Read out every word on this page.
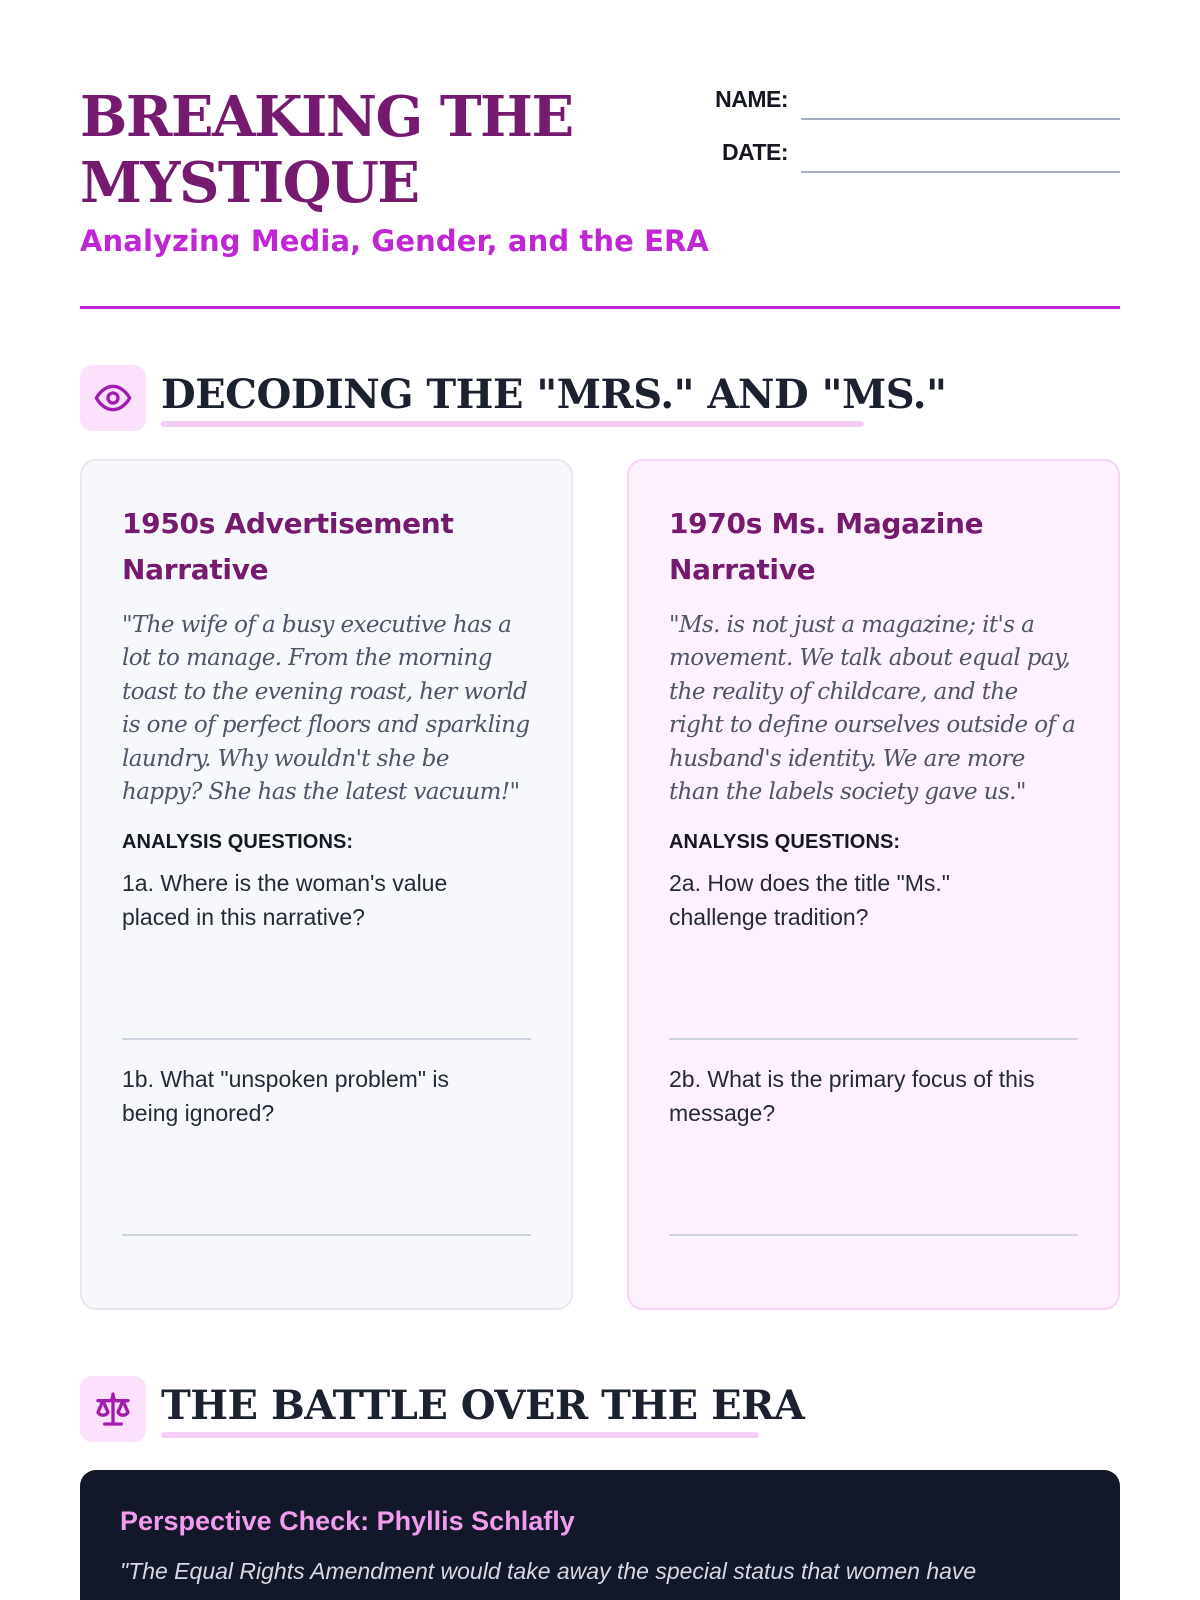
BREAKING THE
MYSTIQUE
Analyzing Media, Gender, and the ERA
NAME:
DATE:
DECODING THE "MRS." AND "MS."
1950s Advertisement Narrative
"The wife of a busy executive has a lot to manage. From the morning toast to the evening roast, her world is one of perfect floors and sparkling laundry. Why wouldn't she be happy? She has the latest vacuum!"
ANALYSIS QUESTIONS:
1a. Where is the woman's value placed in this narrative?
1b. What "unspoken problem" is being ignored?
1970s Ms. Magazine Narrative
"Ms. is not just a magazine; it's a movement. We talk about equal pay, the reality of childcare, and the right to define ourselves outside of a husband's identity. We are more than the labels society gave us."
ANALYSIS QUESTIONS:
2a. How does the title "Ms." challenge tradition?
2b. What is the primary focus of this message?
THE BATTLE OVER THE ERA
Perspective Check: Phyllis Schlafly
"The Equal Rights Amendment would take away the special status that women have
